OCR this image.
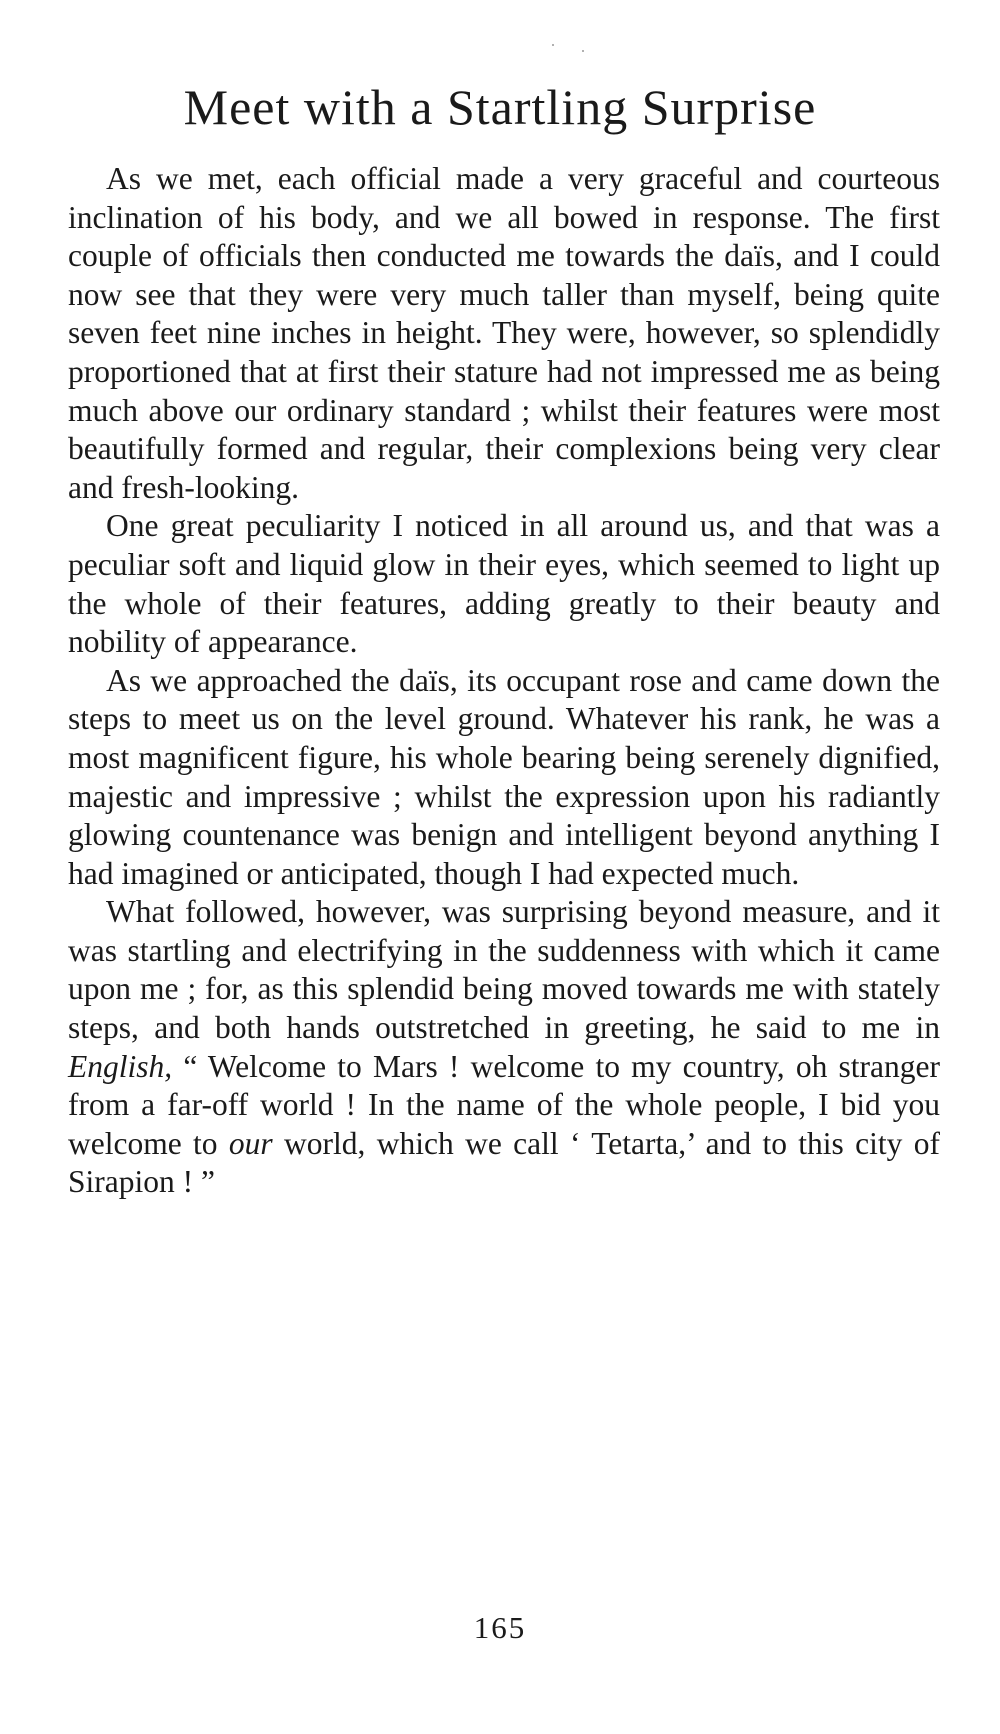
Meet with a Startling Surprise

As we met, each official made a very graceful and courteous inclination of his body, and we all bowed in response. The first couple of officials then conducted me towards the daïs, and I could now see that they were very much taller than myself, being quite seven feet nine inches in height. They were, however, so splendidly proportioned that at first their stature had not impressed me as being much above our ordinary standard ; whilst their features were most beautifully formed and regular, their complexions being very clear and fresh-looking.

One great peculiarity I noticed in all around us, and that was a peculiar soft and liquid glow in their eyes, which seemed to light up the whole of their features, adding greatly to their beauty and nobility of appearance.

As we approached the daïs, its occupant rose and came down the steps to meet us on the level ground. Whatever his rank, he was a most magnificent figure, his whole bearing being serenely dignified, majestic and impressive ; whilst the expression upon his radiantly glowing countenance was benign and intelligent beyond anything I had imagined or anticipated, though I had expected much.

What followed, however, was surprising beyond measure, and it was startling and electrifying in the suddenness with which it came upon me ; for, as this splendid being moved towards me with stately steps, and both hands outstretched in greeting, he said to me in English, “ Welcome to Mars ! welcome to my country, oh stranger from a far-off world ! In the name of the whole people, I bid you welcome to our world, which we call ‘ Tetarta,’ and to this city of Sirapion ! ”

165
